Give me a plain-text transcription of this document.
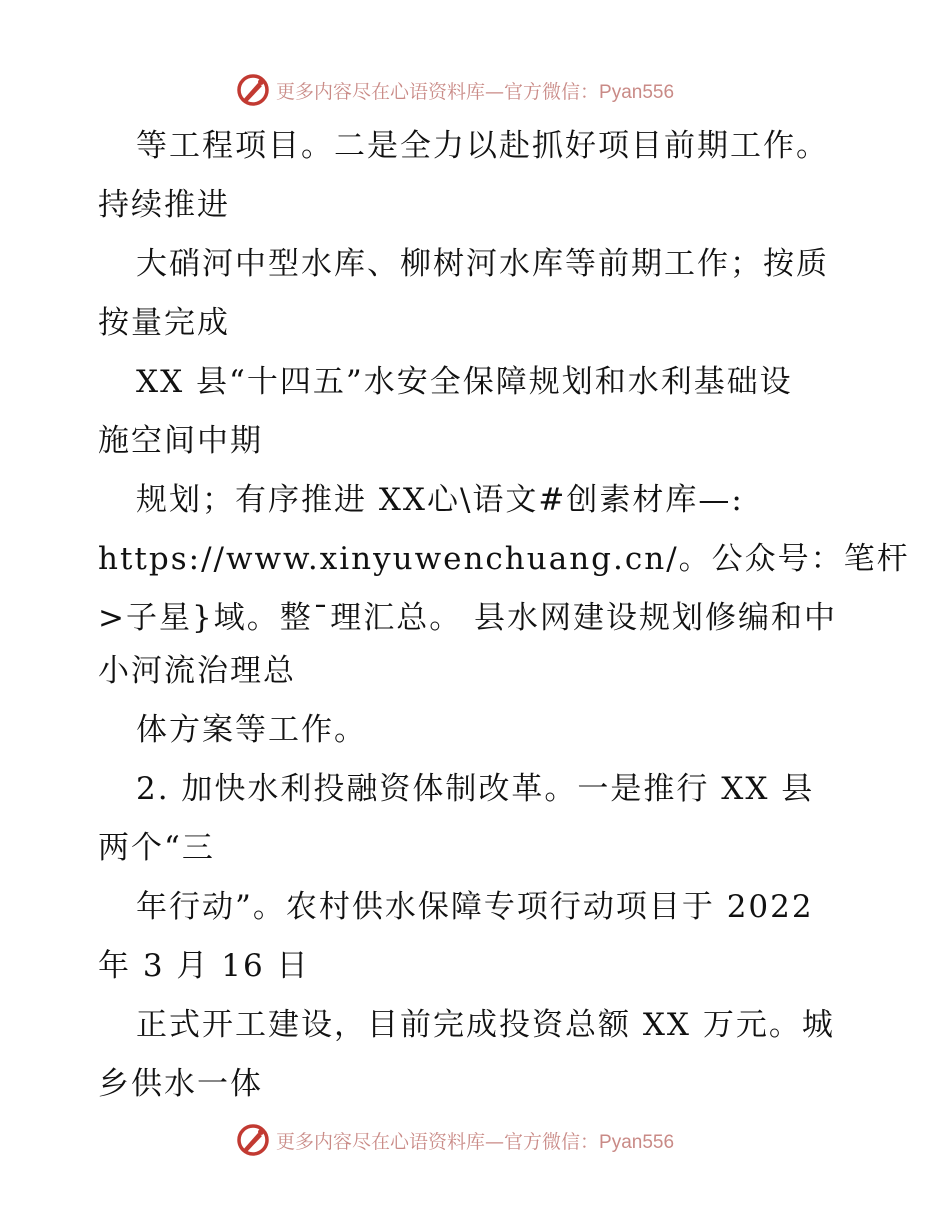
更多内容尽在心语资料库—官方微信：Pyan556
等工程项目。二是全力以赴抓好项目前期工作。
持续推进
大硝河中型水库、柳树河水库等前期工作；按质
按量完成
XX 县“十四五”水安全保障规划和水利基础设
施空间中期
规划；有序推进 XX心\语文#创素材库—:
https://www.xinyuwenchuang.cn/。公众号：笔杆
>子星}域。整¯理汇总。 县水网建设规划修编和中
小河流治理总
体方案等工作。
2. 加快水利投融资体制改革。一是推行 XX 县
两个“三
年行动”。农村供水保障专项行动项目于 2022
年 3 月 16 日
正式开工建设，目前完成投资总额 XX 万元。城
乡供水一体
更多内容尽在心语资料库—官方微信：Pyan556
